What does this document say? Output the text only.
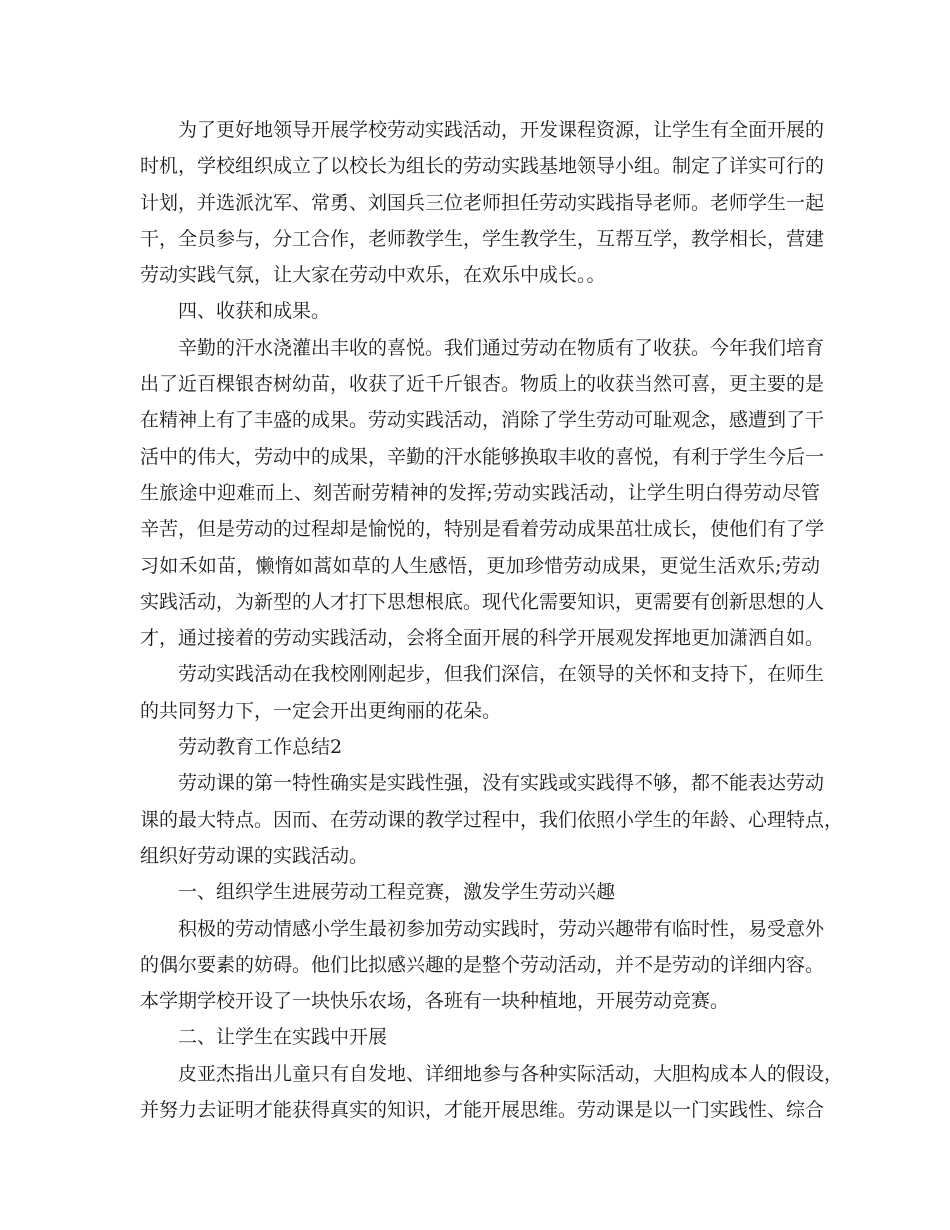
为了更好地领导开展学校劳动实践活动，开发课程资源，让学生有全面开展的
时机，学校组织成立了以校长为组长的劳动实践基地领导小组。制定了详实可行的
计划，并选派沈军、常勇、刘国兵三位老师担任劳动实践指导老师。老师学生一起
干，全员参与，分工合作，老师教学生，学生教学生，互帮互学，教学相长，营建
劳动实践气氛，让大家在劳动中欢乐，在欢乐中成长。。
四、收获和成果。
辛勤的汗水浇灌出丰收的喜悦。我们通过劳动在物质有了收获。今年我们培育
出了近百棵银杏树幼苗，收获了近千斤银杏。物质上的收获当然可喜，更主要的是
在精神上有了丰盛的成果。劳动实践活动，消除了学生劳动可耻观念，感遭到了干
活中的伟大，劳动中的成果，辛勤的汗水能够换取丰收的喜悦，有利于学生今后一
生旅途中迎难而上、刻苦耐劳精神的发挥;劳动实践活动，让学生明白得劳动尽管
辛苦，但是劳动的过程却是愉悦的，特别是看着劳动成果茁壮成长，使他们有了学
习如禾如苗，懒惰如蒿如草的人生感悟，更加珍惜劳动成果，更觉生活欢乐;劳动
实践活动，为新型的人才打下思想根底。现代化需要知识，更需要有创新思想的人
才，通过接着的劳动实践活动，会将全面开展的科学开展观发挥地更加潇洒自如。
劳动实践活动在我校刚刚起步，但我们深信，在领导的关怀和支持下，在师生
的共同努力下，一定会开出更绚丽的花朵。
劳动教育工作总结2
劳动课的第一特性确实是实践性强，没有实践或实践得不够，都不能表达劳动
课的最大特点。因而、在劳动课的教学过程中，我们依照小学生的年龄、心理特点，
组织好劳动课的实践活动。
一、组织学生进展劳动工程竞赛，激发学生劳动兴趣
积极的劳动情感小学生最初参加劳动实践时，劳动兴趣带有临时性，易受意外
的偶尔要素的妨碍。他们比拟感兴趣的是整个劳动活动，并不是劳动的详细内容。
本学期学校开设了一块快乐农场，各班有一块种植地，开展劳动竞赛。
二、让学生在实践中开展
皮亚杰指出儿童只有自发地、详细地参与各种实际活动，大胆构成本人的假设，
并努力去证明才能获得真实的知识，才能开展思维。劳动课是以一门实践性、综合
